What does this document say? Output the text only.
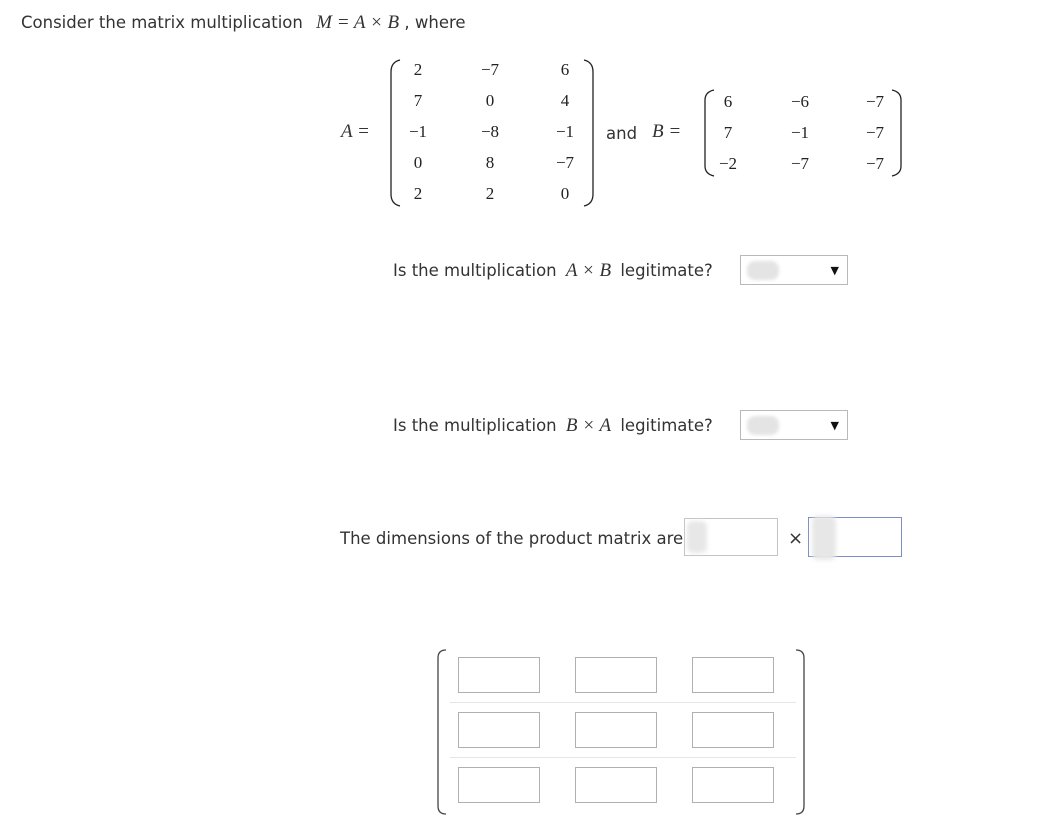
Consider the matrix multiplication M = A × B , where
A =
2	−7	6
7	0	4
−1	−8	−1
0	8	−7
2	2	0
and B =
6	−6	−7
7	−1	−7
−2	−7	−7
Is the multiplication A × B legitimate?	▼
Is the multiplication B × A legitimate?	▼
The dimensions of the product matrix are	×
